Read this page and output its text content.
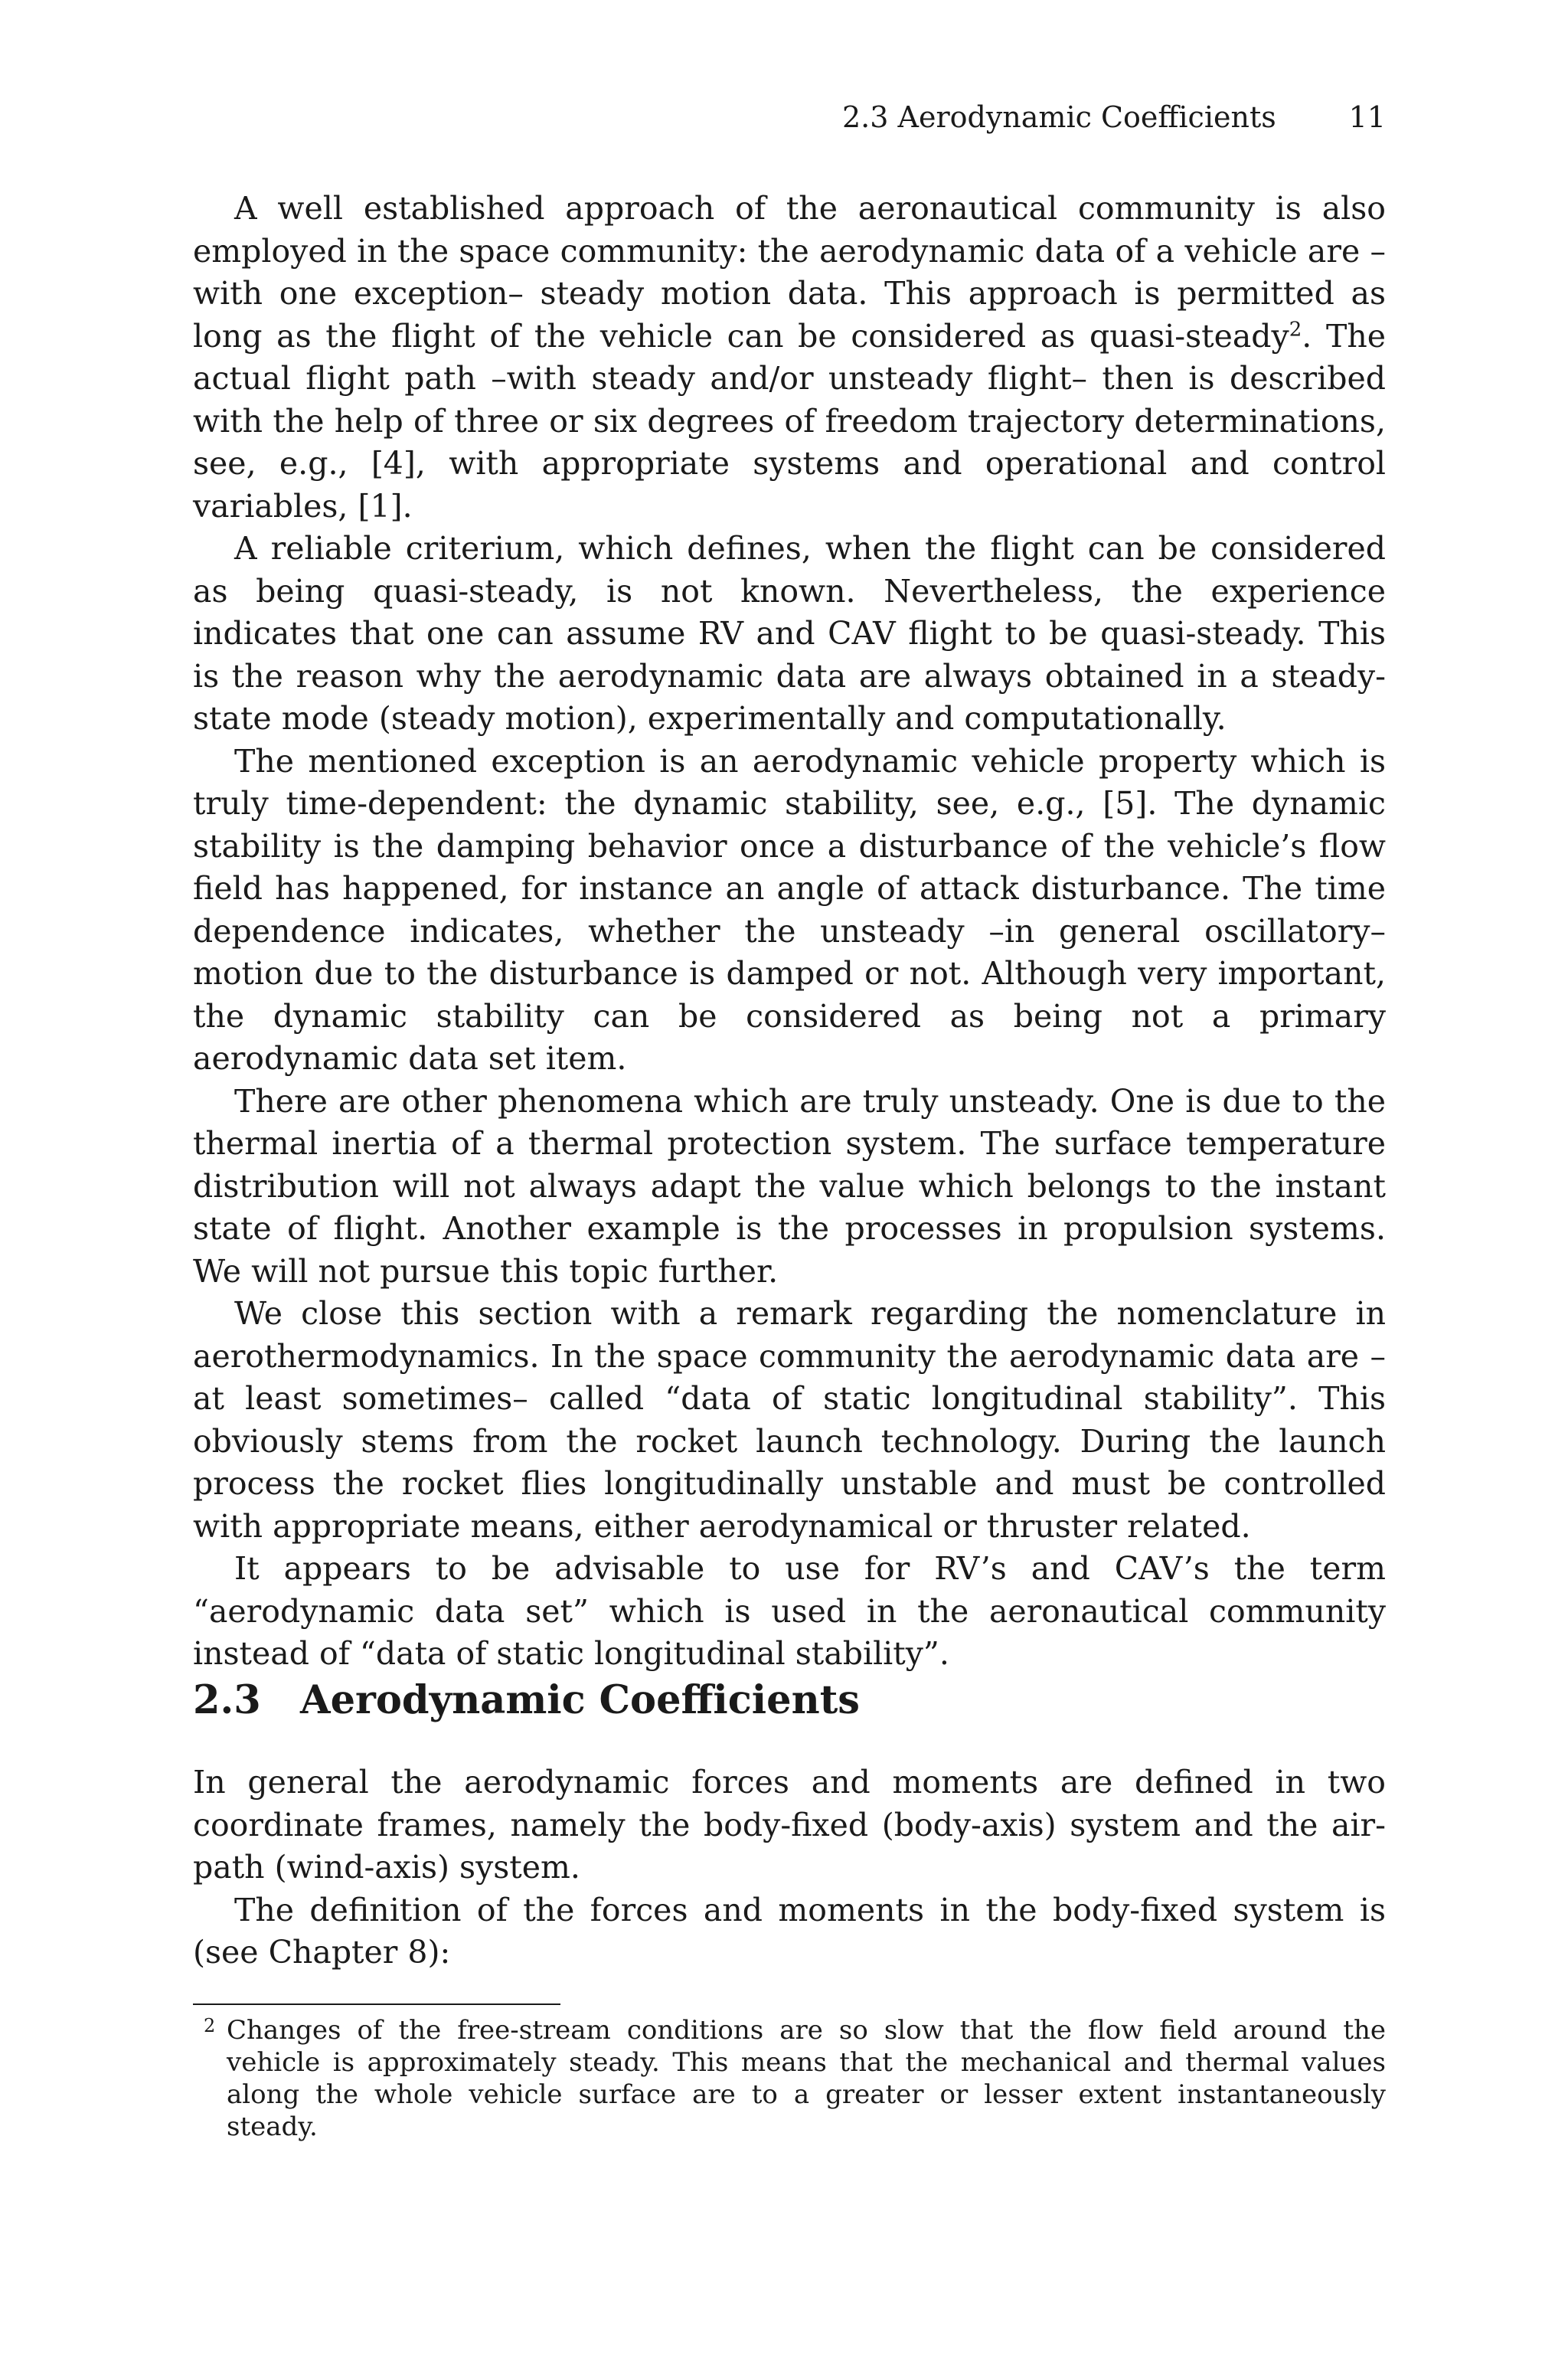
2.3 Aerodynamic Coefficients 11

A well established approach of the aeronautical community is also employed in the space community: the aerodynamic data of a vehicle are –with one exception– steady motion data. This approach is permitted as long as the flight of the vehicle can be considered as quasi-steady$^2$. The actual flight path –with steady and/or unsteady flight– then is described with the help of three or six degrees of freedom trajectory determinations, see, e.g., [4], with appropriate systems and operational and control variables, [1].

A reliable criterium, which defines, when the flight can be considered as being quasi-steady, is not known. Nevertheless, the experience indicates that one can assume RV and CAV flight to be quasi-steady. This is the reason why the aerodynamic data are always obtained in a steady-state mode (steady motion), experimentally and computationally.

The mentioned exception is an aerodynamic vehicle property which is truly time-dependent: the dynamic stability, see, e.g., [5]. The dynamic stability is the damping behavior once a disturbance of the vehicle’s flow field has happened, for instance an angle of attack disturbance. The time dependence indicates, whether the unsteady –in general oscillatory– motion due to the disturbance is damped or not. Although very important, the dynamic stability can be considered as being not a primary aerodynamic data set item.

There are other phenomena which are truly unsteady. One is due to the thermal inertia of a thermal protection system. The surface temperature distribution will not always adapt the value which belongs to the instant state of flight. Another example is the processes in propulsion systems. We will not pursue this topic further.

We close this section with a remark regarding the nomenclature in aerothermodynamics. In the space community the aerodynamic data are –at least sometimes– called “data of static longitudinal stability”. This obviously stems from the rocket launch technology. During the launch process the rocket flies longitudinally unstable and must be controlled with appropriate means, either aerodynamical or thruster related.

It appears to be advisable to use for RV’s and CAV’s the term “aerodynamic data set” which is used in the aeronautical community instead of “data of static longitudinal stability”.

2.3 Aerodynamic Coefficients

In general the aerodynamic forces and moments are defined in two coordinate frames, namely the body-fixed (body-axis) system and the air-path (wind-axis) system.

The definition of the forces and moments in the body-fixed system is (see Chapter 8):

2 Changes of the free-stream conditions are so slow that the flow field around the vehicle is approximately steady. This means that the mechanical and thermal values along the whole vehicle surface are to a greater or lesser extent instantaneously steady.
